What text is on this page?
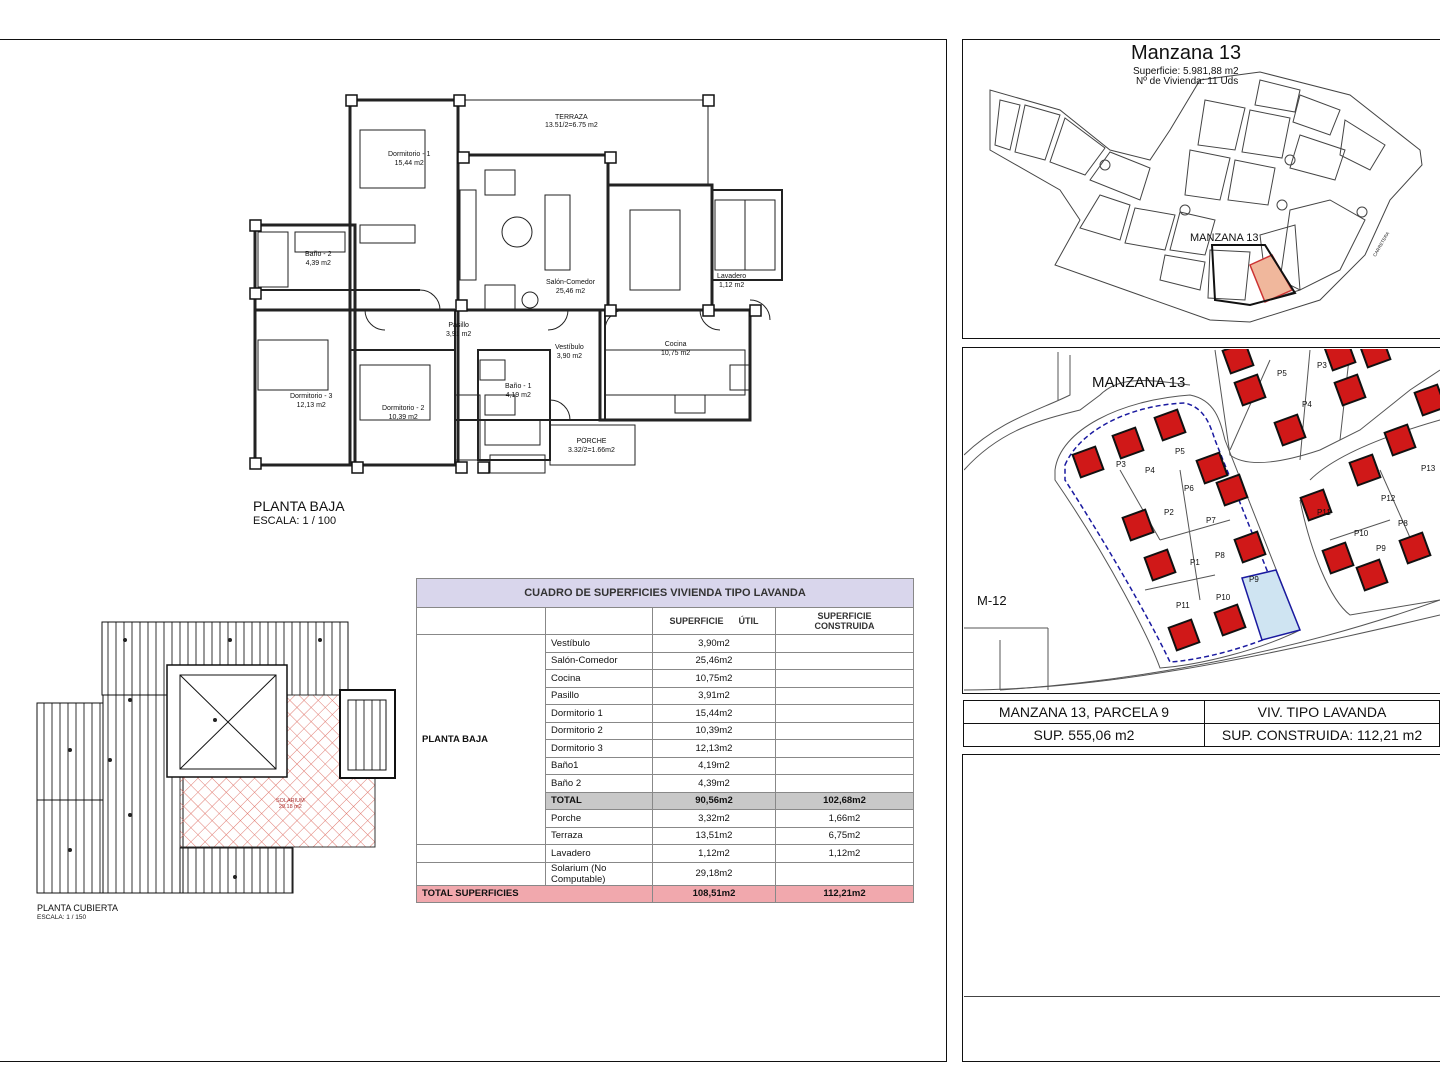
TERRAZA
13.51/2=6.75 m2
Dormitorio - 1
15,44 m2
Baño - 2
4,39 m2
Salón-Comedor
25,46 m2
Lavadero
1,12 m2
Pasillo
3,91 m2
Vestíbulo
3,90 m2
Cocina
10,75 m2
Dormitorio - 3
12,13 m2	Dormitorio - 2
10,39 m2
Baño - 1
4,19 m2
PORCHE
3.32/2=1.66m2
PLANTA BAJA
ESCALA: 1 / 100
SOLARIUM
29.18 m2
PLANTA CUBIERTA
ESCALA: 1 / 150
CUADRO DE SUPERFICIES VIVIENDA TIPO LAVANDA			
		SUPERFICIE ÚTIL	SUPERFICIE
CONSTRUIDA

PLANTA BAJA	Vestíbulo	3,90m2	
	Salón-Comedor	25,46m2	
	Cocina	10,75m2	
	Pasillo	3,91m2	
	Dormitorio 1	15,44m2	
	Dormitorio 2	10,39m2	
	Dormitorio 3	12,13m2	
	Baño1	4,19m2	
	Baño 2	4,39m2	
	TOTAL	90,56m2	102,68m2
	Porche	3,32m2	1,66m2
	Terraza	13,51m2	6,75m2
	Lavadero	1,12m2	1,12m2
	Solarium (No Computable)	29,18m2	
TOTAL SUPERFICIES		108,51m2	112,21m2
Manzana 13
Superficie: 5.981,88 m2
Nº de Vivienda: 11 Uds
MANZANA 13	CARRETERA
MANZANA 13
M-12
P1
P2
P3
P4
P5
P6
P7
P8
P9
P10
P11
P4
P5
P3
P8
P9
P10
P11
P12
P13
MANZANA 13, PARCELA 9	VIV. TIPO LAVANDA
SUP. 555,06 m2	SUP. CONSTRUIDA: 112,21 m2
